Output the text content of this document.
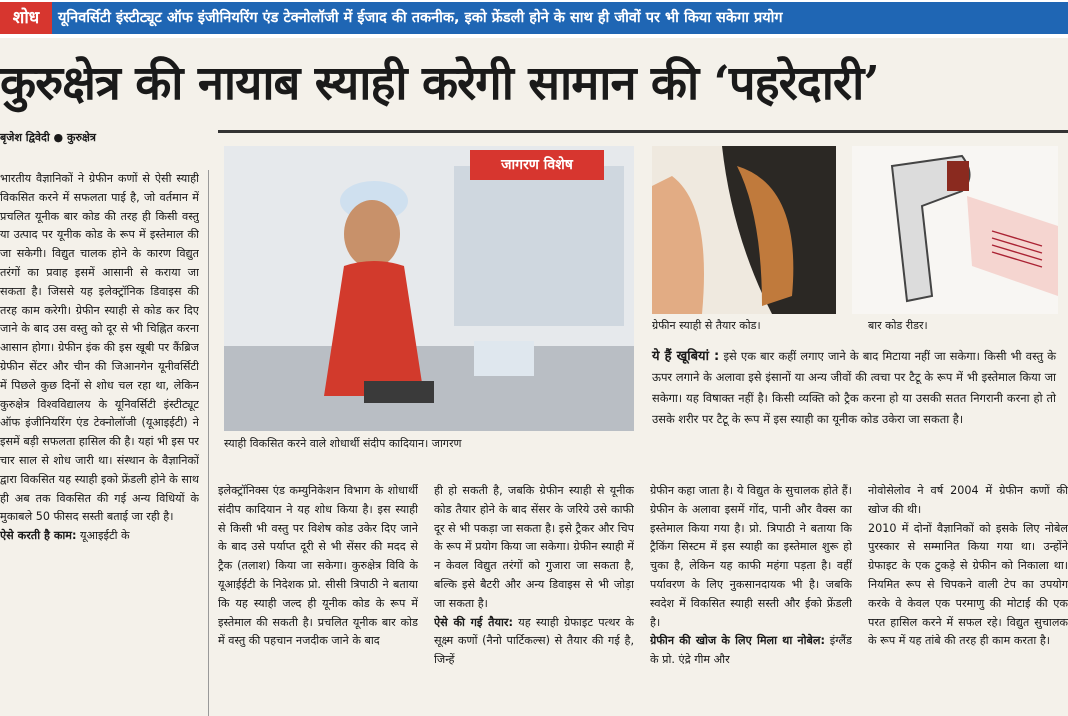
शोध	यूनिवर्सिटी इंस्टीट्यूट ऑफ इंजीनियरिंग एंड टेक्नोलॉजी में ईजाद की तकनीक, इको फ्रेंडली होने के साथ ही जीवों पर भी किया सकेगा प्रयोग
कुरुक्षेत्र की नायाब स्याही करेगी सामान की ‘पहरेदारी’
बृजेश द्विवेदी ● कुरुक्षेत्र
जागरण विशेष
स्याही विकसित करने वाले शोधार्थी संदीप कादियान। जागरण
ग्रेफीन स्याही से तैयार कोड।	बार कोड रीडर।
ये हैं खूबियां : इसे एक बार कहीं लगाए जाने के बाद मिटाया नहीं जा सकेगा। किसी भी वस्तु के ऊपर लगाने के अलावा इसे इंसानों या अन्य जीवों की त्वचा पर टैटू के रूप में भी इस्तेमाल किया जा सकेगा। यह विषाक्त नहीं है। किसी व्यक्ति को ट्रैक करना हो या उसकी सतत निगरानी करना हो तो उसके शरीर पर टैटू के रूप में इस स्याही का यूनीक कोड उकेरा जा सकता है।
भारतीय वैज्ञानिकों ने ग्रेफीन कणों से ऐसी स्याही विकसित करने में सफलता पाई है, जो वर्तमान में प्रचलित यूनीक बार कोड की तरह ही किसी वस्तु या उत्पाद पर यूनीक कोड के रूप में इस्तेमाल की जा सकेगी। विद्युत चालक होने के कारण विद्युत तरंगों का प्रवाह इसमें आसानी से कराया जा सकता है। जिससे यह इलेक्ट्रॉनिक डिवाइस की तरह काम करेगी। ग्रेफीन स्याही से कोड कर दिए जाने के बाद उस वस्तु को दूर से भी चिह्नित करना आसान होगा। ग्रेफीन इंक की इस खूबी पर कैंब्रिज ग्रेफीन सेंटर और चीन की जिआनगेन यूनीवर्सिटी में पिछले कुछ दिनों से शोध चल रहा था, लेकिन कुरुक्षेत्र विश्वविद्यालय के यूनिवर्सिटी इंस्टीट्यूट ऑफ इंजीनियरिंग एंड टेक्नोलॉजी (यूआइईटी) ने इसमें बड़ी सफलता हासिल की है। यहां भी इस पर चार साल से शोध जारी था। संस्थान के वैज्ञानिकों द्वारा विकसित यह स्याही इको फ्रेंडली होने के साथ ही अब तक विकसित की गई अन्य विधियों के मुकाबले 50 फीसद सस्ती बताई जा रही है।
ऐसे करती है काम: यूआइईटी के
इलेक्ट्रॉनिक्स एंड कम्युनिकेशन विभाग के शोधार्थी संदीप कादियान ने यह शोध किया है। इस स्याही से किसी भी वस्तु पर विशेष कोड उकेर दिए जाने के बाद उसे पर्याप्त दूरी से भी सेंसर की मदद से ट्रैक (तलाश) किया जा सकेगा। कुरुक्षेत्र विवि के यूआईईटी के निदेशक प्रो. सीसी त्रिपाठी ने बताया कि यह स्याही जल्द ही यूनीक कोड के रूप में इस्तेमाल की सकती है। प्रचलित यूनीक बार कोड में वस्तु की पहचान नजदीक जाने के बाद
ही हो सकती है, जबकि ग्रेफीन स्याही से यूनीक कोड तैयार होने के बाद सेंसर के जरिये उसे काफी दूर से भी पकड़ा जा सकता है। इसे ट्रैकर और चिप के रूप में प्रयोग किया जा सकेगा। ग्रेफीन स्याही में न केवल विद्युत तरंगों को गुजारा जा सकता है, बल्कि इसे बैटरी और अन्य डिवाइस से भी जोड़ा जा सकता है।
ऐसे की गई तैयार: यह स्याही ग्रेफाइट पत्थर के सूक्ष्म कणों (नैनो पार्टिकल्स) से तैयार की गई है, जिन्हें
ग्रेफीन कहा जाता है। ये विद्युत के सुचालक होते हैं। ग्रेफीन के अलावा इसमें गोंद, पानी और वैक्स का इस्तेमाल किया गया है। प्रो. त्रिपाठी ने बताया कि ट्रैकिंग सिस्टम में इस स्याही का इस्तेमाल शुरू हो चुका है, लेकिन यह काफी महंगा पड़ता है। वहीं पर्यावरण के लिए नुकसानदायक भी है। जबकि स्वदेश में विकसित स्याही सस्ती और ईको फ्रेंडली है।
ग्रेफीन की खोज के लिए मिला था नोबेल: इंग्लैंड के प्रो. एंद्रे गीम और
नोवोसेलोव ने वर्ष 2004 में ग्रेफीन कणों की खोज की थी।
2010 में दोनों वैज्ञानिकों को इसके लिए नोबेल पुरस्कार से सम्मानित किया गया था। उन्होंने ग्रेफाइट के एक टुकड़े से ग्रेफीन को निकाला था। नियमित रूप से चिपकने वाली टेप का उपयोग करके वे केवल एक परमाणु की मोटाई की एक परत हासिल करने में सफल रहे। विद्युत सुचालक के रूप में यह तांबे की तरह ही काम करता है।
